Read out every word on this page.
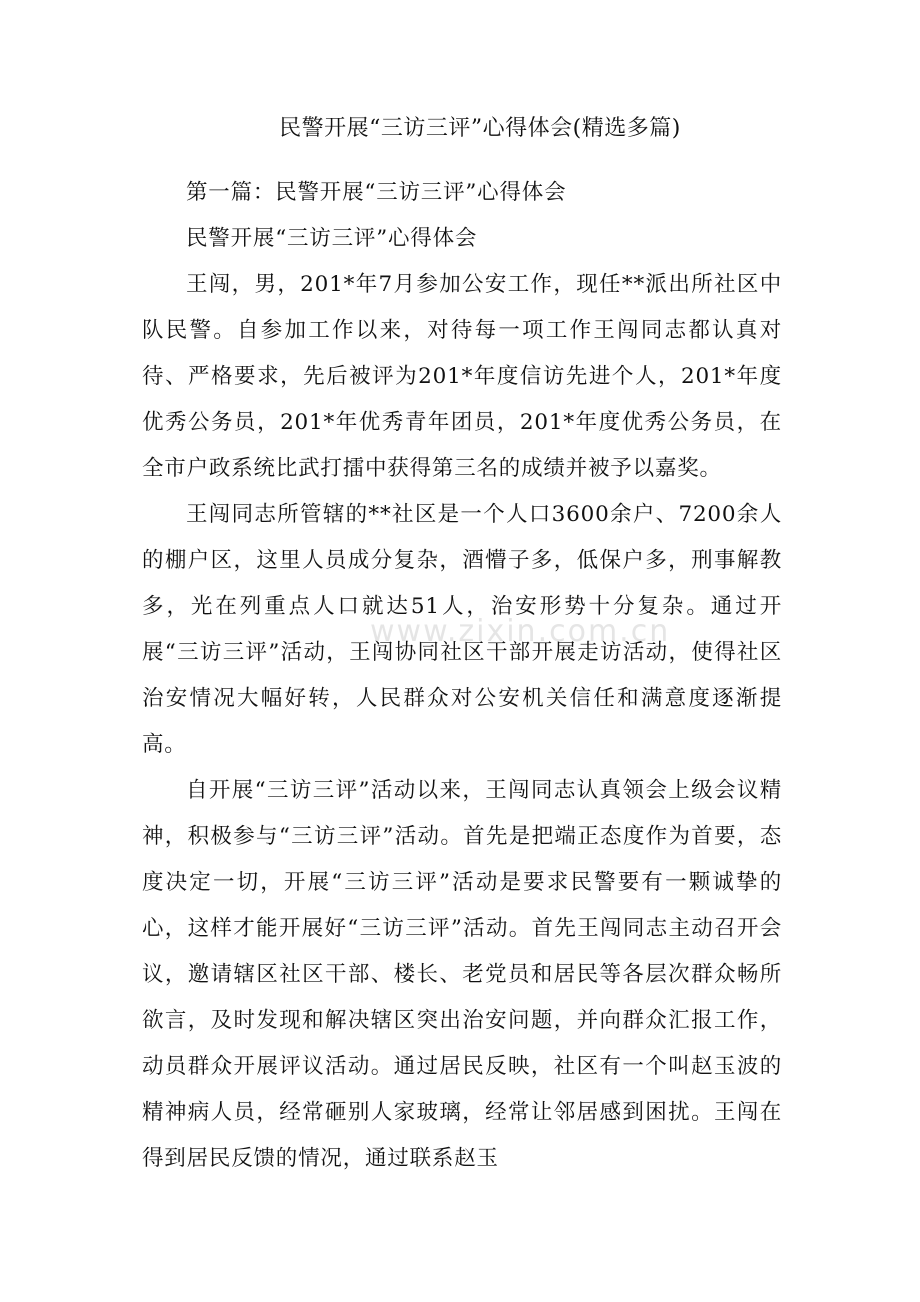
民警开展“三访三评”心得体会(精选多篇)

第一篇：民警开展“三访三评”心得体会

民警开展“三访三评”心得体会

王闯，男，201*年7月参加公安工作，现任**派出所社区中队民警。自参加工作以来，对待每一项工作王闯同志都认真对待、严格要求，先后被评为201*年度信访先进个人，201*年度优秀公务员，201*年优秀青年团员，201*年度优秀公务员，在全市户政系统比武打擂中获得第三名的成绩并被予以嘉奖。

王闯同志所管辖的**社区是一个人口3600余户、7200余人的棚户区，这里人员成分复杂，酒懵子多，低保户多，刑事解教多，光在列重点人口就达51人，治安形势十分复杂。通过开展“三访三评”活动，王闯协同社区干部开展走访活动，使得社区治安情况大幅好转，人民群众对公安机关信任和满意度逐渐提高。

自开展“三访三评”活动以来，王闯同志认真领会上级会议精神，积极参与“三访三评”活动。首先是把端正态度作为首要，态度决定一切，开展“三访三评”活动是要求民警要有一颗诚挚的心，这样才能开展好“三访三评”活动。首先王闯同志主动召开会议，邀请辖区社区干部、楼长、老党员和居民等各层次群众畅所欲言，及时发现和解决辖区突出治安问题，并向群众汇报工作，动员群众开展评议活动。通过居民反映，社区有一个叫赵玉波的精神病人员，经常砸别人家玻璃，经常让邻居感到困扰。王闯在得到居民反馈的情况，通过联系赵玉

www.zixin.com.cn
